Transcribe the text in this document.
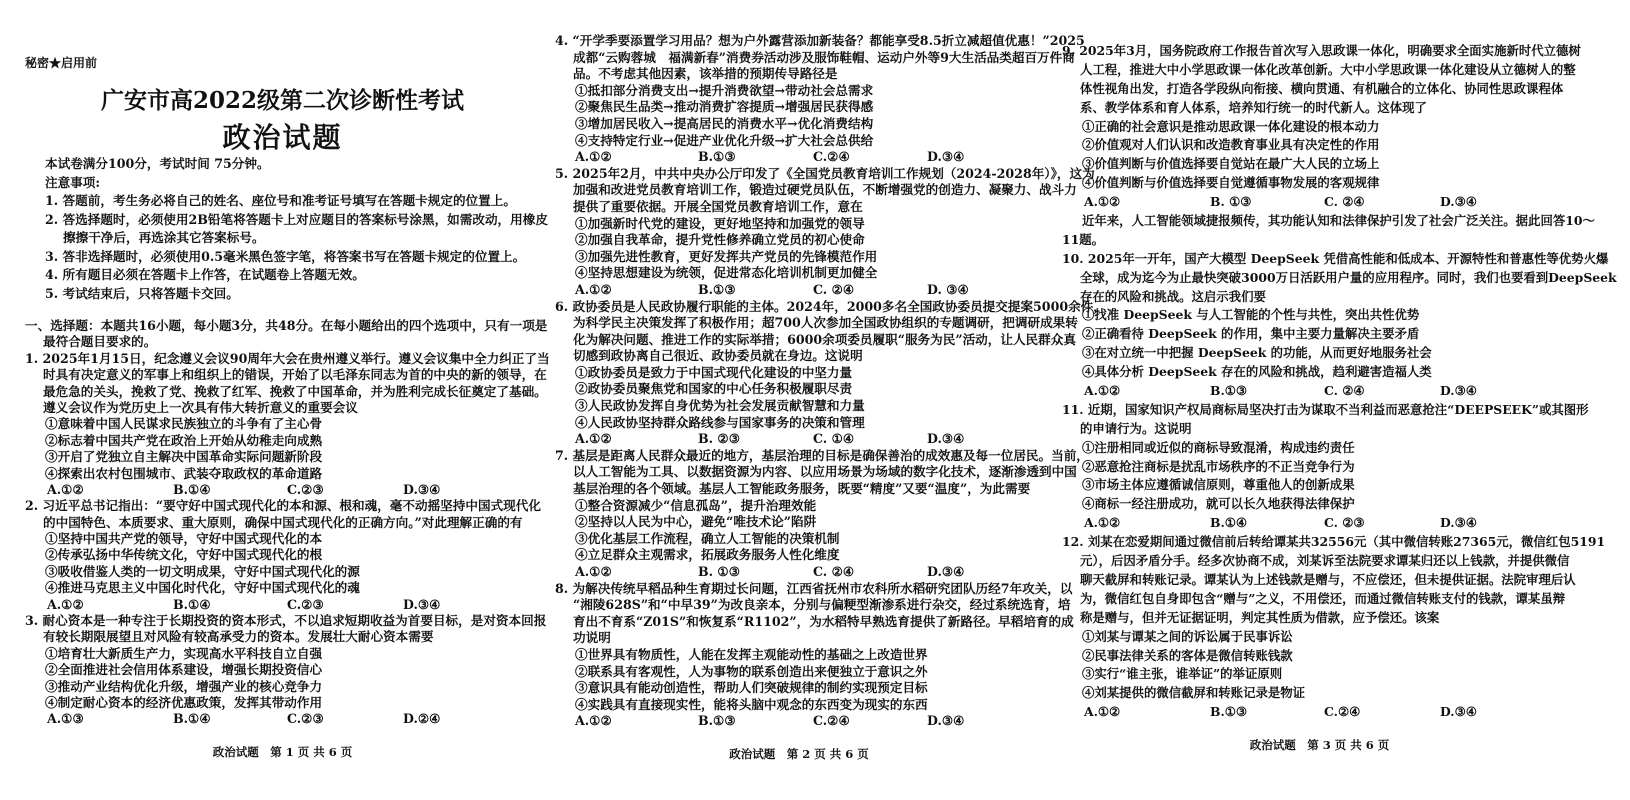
秘密★启用前
广安市高2022级第二次诊断性考试
政治试题
本试卷满分100分，考试时间 75分钟。
注意事项:
1. 答题前，考生务必将自己的姓名、座位号和准考证号填写在答题卡规定的位置上。
2. 答选择题时，必须使用2B铅笔将答题卡上对应题目的答案标号涂黑，如需改动，用橡皮
擦擦干净后，再选涂其它答案标号。
3. 答非选择题时，必须使用0.5毫米黑色签字笔，将答案书写在答题卡规定的位置上。
4. 所有题目必须在答题卡上作答，在试题卷上答题无效。
5. 考试结束后，只将答题卡交回。
一、选择题：本题共16小题，每小题3分，共48分。在每小题给出的四个选项中，只有一项是
最符合题目要求的。
1. 2025年1月15日，纪念遵义会议90周年大会在贵州遵义举行。遵义会议集中全力纠正了当
时具有决定意义的军事上和组织上的错误，开始了以毛泽东同志为首的中央的新的领导，在
最危急的关头，挽救了党、挽救了红军、挽救了中国革命，并为胜利完成长征奠定了基础。
遵义会议作为党历史上一次具有伟大转折意义的重要会议
①意味着中国人民谋求民族独立的斗争有了主心骨
②标志着中国共产党在政治上开始从幼稚走向成熟
③开启了党独立自主解决中国革命实际问题新阶段
④探索出农村包围城市、武装夺取政权的革命道路
A.①②	B.①④	C.②③	D.③④
2. 习近平总书记指出：“要守好中国式现代化的本和源、根和魂，毫不动摇坚持中国式现代化
的中国特色、本质要求、重大原则，确保中国式现代化的正确方向。”对此理解正确的有
①坚持中国共产党的领导，守好中国式现代化的本
②传承弘扬中华传统文化，守好中国式现代化的根
③吸收借鉴人类的一切文明成果，守好中国式现代化的源
④推进马克思主义中国化时代化，守好中国式现代化的魂
A.①②	B.①④	C.②③	D.③④
3. 耐心资本是一种专注于长期投资的资本形式，不以追求短期收益为首要目标，是对资本回报
有较长期限展望且对风险有较高承受力的资本。发展壮大耐心资本需要
①培育壮大新质生产力，实现高水平科技自立自强
②全面推进社会信用体系建设，增强长期投资信心
③推动产业结构优化升级，增强产业的核心竞争力
④制定耐心资本的经济优惠政策，发挥其带动作用
A.①③	B.①④	C.②③	D.②④
政治试题　第 1 页 共 6 页
4. “开学季要添置学习用品？想为户外露营添加新装备？都能享受8.5折立减超值优惠！”2025
成都“云购蓉城　福满新春”消费券活动涉及服饰鞋帽、运动户外等9大生活品类超百万件商
品。不考虑其他因素，该举措的预期传导路径是
①抵扣部分消费支出→提升消费欲望→带动社会总需求
②聚焦民生品类→推动消费扩容提质→增强居民获得感
③增加居民收入→提高居民的消费水平→优化消费结构
④支持特定行业→促进产业优化升级→扩大社会总供给
A.①②	B.①③	C.②④	D.③④
5. 2025年2月，中共中央办公厅印发了《全国党员教育培训工作规划（2024-2028年）》，这为
加强和改进党员教育培训工作，锻造过硬党员队伍，不断增强党的创造力、凝聚力、战斗力
提供了重要依据。开展全国党员教育培训工作，意在
①加强新时代党的建设，更好地坚持和加强党的领导
②加强自我革命，提升党性修养确立党员的初心使命
③加强先进性教育，更好发挥共产党员的先锋模范作用
④坚持思想建设为统领，促进常态化培训机制更加健全
A.①②	B.①③	C. ②④	D. ③④
6. 政协委员是人民政协履行职能的主体。2024年，2000多名全国政协委员提交提案5000余件，
为科学民主决策发挥了积极作用；超700人次参加全国政协组织的专题调研，把调研成果转
化为解决问题、推进工作的实际举措；6000余项委员履职“服务为民”活动，让人民群众真
切感到政协离自己很近、政协委员就在身边。这说明
①政协委员是致力于中国式现代化建设的中坚力量
②政协委员聚焦党和国家的中心任务积极履职尽责
③人民政协发挥自身优势为社会发展贡献智慧和力量
④人民政协坚持群众路线参与国家事务的决策和管理
A.①②	B. ②③	C. ①④	D.③④
7. 基层是距离人民群众最近的地方，基层治理的目标是确保善治的成效惠及每一位居民。当前，
以人工智能为工具、以数据资源为内容、以应用场景为场域的数字化技术，逐渐渗透到中国
基层治理的各个领域。基层人工智能政务服务，既要“精度”又要“温度”，为此需要
①整合资源减少“信息孤岛”，提升治理效能
②坚持以人民为中心，避免“唯技术论”陷阱
③优化基层工作流程，确立人工智能的决策机制
④立足群众主观需求，拓展政务服务人性化维度
A.①②	B. ①③	C. ②④	D.③④
8. 为解决传统早稻品种生育期过长问题，江西省抚州市农科所水稻研究团队历经7年攻关，以
“湘陵628S”和“中早39”为改良亲本，分别与偏粳型渐渗系进行杂交，经过系统选育，培
育出不育系“Z01S”和恢复系“R1102”，为水稻特早熟选育提供了新路径。早稻培育的成
功说明
①世界具有物质性，人能在发挥主观能动性的基础之上改造世界
②联系具有客观性，人为事物的联系创造出来便独立于意识之外
③意识具有能动创造性，帮助人们突破规律的制约实现预定目标
④实践具有直接现实性，能将头脑中观念的东西变为现实的东西
A.①②	B.①③	C.②④	D.③④
政治试题　第 2 页 共 6 页
9. 2025年3月，国务院政府工作报告首次写入思政课一体化，明确要求全面实施新时代立德树
人工程，推进大中小学思政课一体化改革创新。大中小学思政课一体化建设从立德树人的整
体性视角出发，打造各学段纵向衔接、横向贯通、有机融合的立体化、协同性思政课程体
系、教学体系和育人体系，培养知行统一的时代新人。这体现了
①正确的社会意识是推动思政课一体化建设的根本动力
②价值观对人们认识和改造教育事业具有决定性的作用
③价值判断与价值选择要自觉站在最广大人民的立场上
④价值判断与价值选择要自觉遵循事物发展的客观规律
A.①②	B. ①③	C. ②④	D.③④
近年来，人工智能领域捷报频传，其功能认知和法律保护引发了社会广泛关注。据此回答10～
11题。
10. 2025年一开年，国产大模型 DeepSeek 凭借高性能和低成本、开源特性和普惠性等优势火爆
全球，成为迄今为止最快突破3000万日活跃用户量的应用程序。同时，我们也要看到DeepSeek
存在的风险和挑战。这启示我们要
①找准 DeepSeek 与人工智能的个性与共性，突出共性优势
②正确看待 DeepSeek 的作用，集中主要力量解决主要矛盾
③在对立统一中把握 DeepSeek 的功能，从而更好地服务社会
④具体分析 DeepSeek 存在的风险和挑战，趋利避害造福人类
A.①②	B.①③	C. ②④	D.③④
11. 近期，国家知识产权局商标局坚决打击为谋取不当利益而恶意抢注“DEEPSEEK”或其图形
的申请行为。这说明
①注册相同或近似的商标导致混淆，构成违约责任
②恶意抢注商标是扰乱市场秩序的不正当竞争行为
③市场主体应遵循诚信原则，尊重他人的创新成果
④商标一经注册成功，就可以长久地获得法律保护
A.①②	B.①④	C. ②③	D.③④
12. 刘某在恋爱期间通过微信前后转给谭某共32556元（其中微信转账27365元，微信红包5191
元），后因矛盾分手。经多次协商不成，刘某诉至法院要求谭某归还以上钱款，并提供微信
聊天截屏和转账记录。谭某认为上述钱款是赠与，不应偿还，但未提供证据。法院审理后认
为，微信红包自身即包含“赠与”之义，不用偿还，而通过微信转账支付的钱款，谭某虽辩
称是赠与，但并无证据证明，判定其性质为借款，应予偿还。该案
①刘某与谭某之间的诉讼属于民事诉讼
②民事法律关系的客体是微信转账钱款
③实行“谁主张，谁举证”的举证原则
④刘某提供的微信截屏和转账记录是物证
A.①②	B.①③	C.②④	D.③④
政治试题　第 3 页 共 6 页
